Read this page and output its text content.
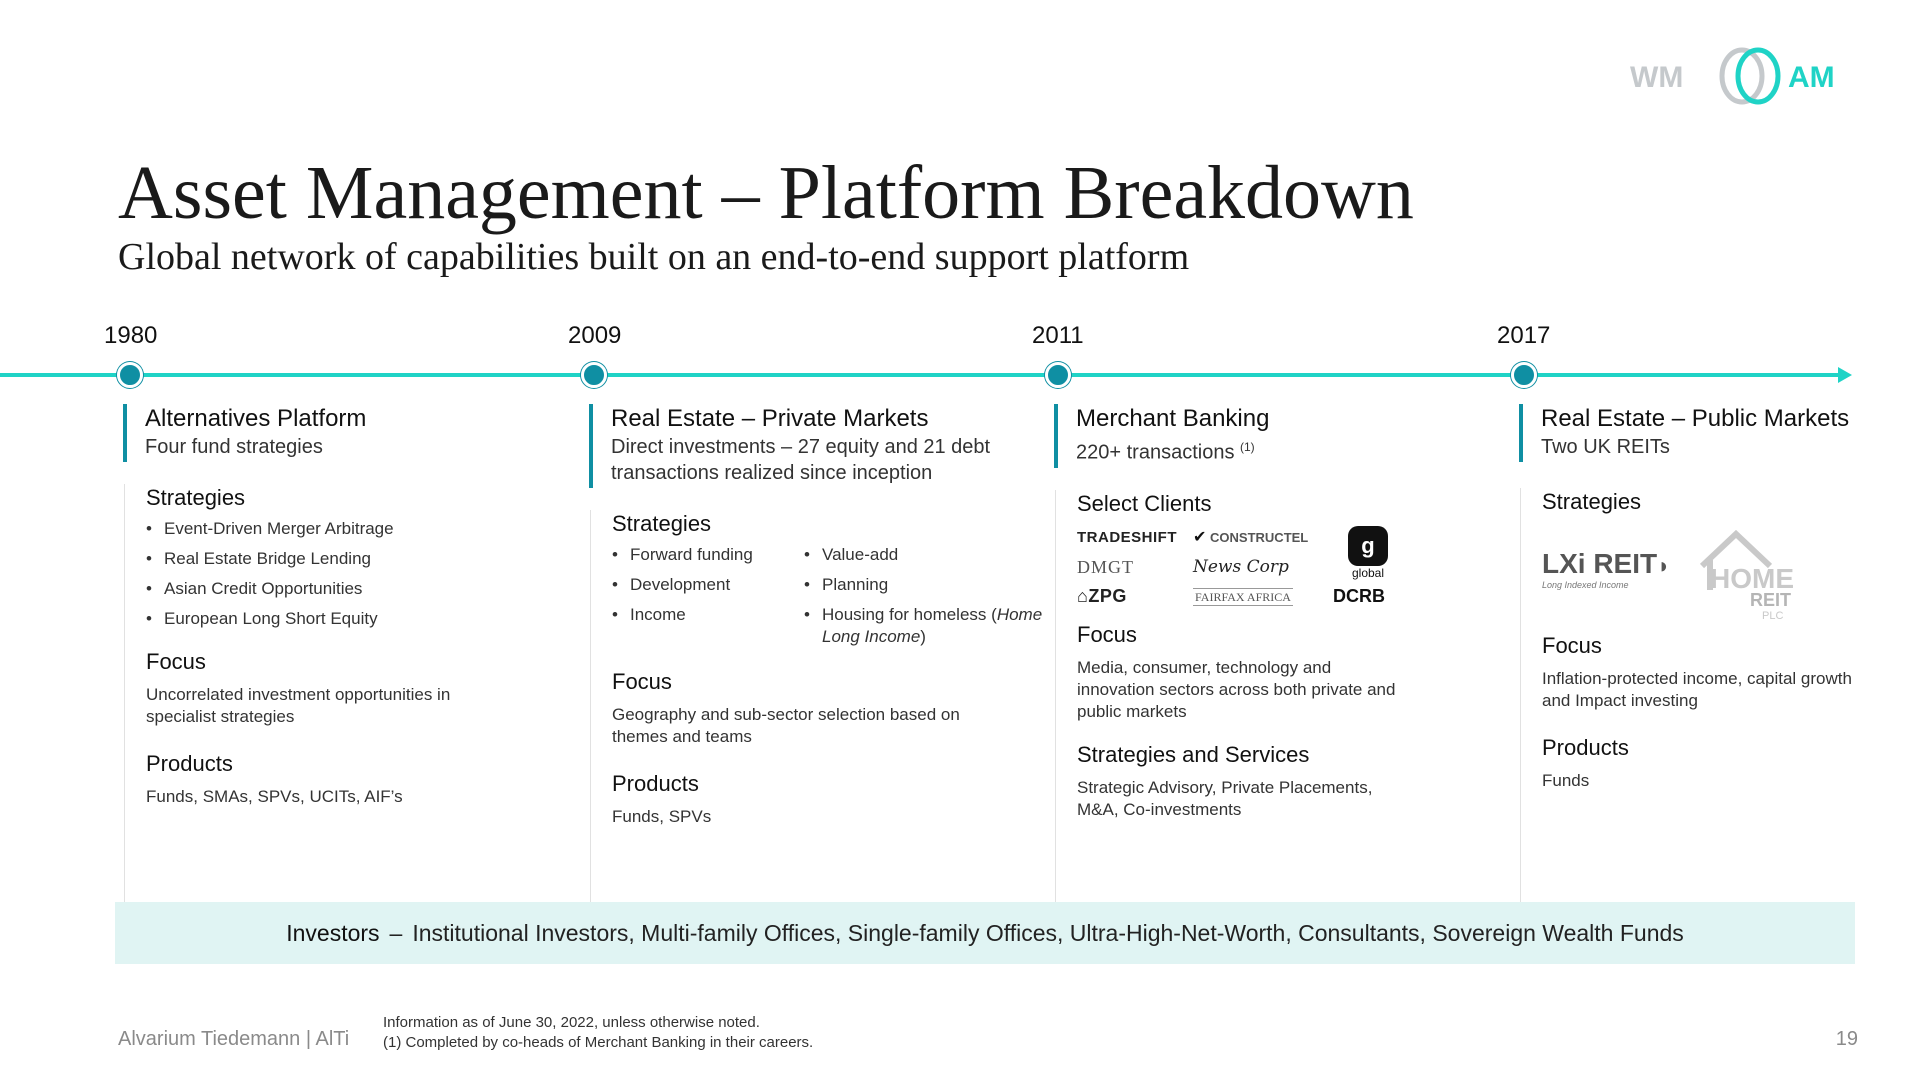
WM	AM
Asset Management – Platform Breakdown
Global network of capabilities built on an end-to-end support platform
1980	2009	2011	2017
Alternatives Platform
Four fund strategies
Strategies
• Event-Driven Merger Arbitrage
• Real Estate Bridge Lending
• Asian Credit Opportunities
• European Long Short Equity
Focus
Uncorrelated investment opportunities in specialist strategies
Products
Funds, SMAs, SPVs, UCITs, AIF’s
Real Estate – Private Markets
Direct investments – 27 equity and 21 debt transactions realized since inception
Strategies
• Forward funding
• Development
• Income
• Value-add
• Planning
• Housing for homeless (Home Long Income)
Focus
Geography and sub-sector selection based on themes and teams
Products
Funds, SPVs
Merchant Banking
220+ transactions $^{(1)}$
Select Clients
TRADESHIFT	✔ CONSTRUCTEL	g
global
DMGT	News Corp
⌂ZPG	FAIRFAX AFRICA	DCRB
Focus
Media, consumer, technology and innovation sectors across both private and public markets
Strategies and Services
Strategic Advisory, Private Placements, M&A, Co-investments
Real Estate – Public Markets
Two UK REITs
Strategies
LXi REIT◗
Long Indexed Income	HOME
REIT
PLC
Focus
Inflation-protected income, capital growth and Impact investing
Products
Funds
Investors – Institutional Investors, Multi-family Offices, Single-family Offices, Ultra-High-Net-Worth, Consultants, Sovereign Wealth Funds
Alvarium Tiedemann | AlTi
Information as of June 30, 2022, unless otherwise noted.
(1) Completed by co-heads of Merchant Banking in their careers.	19
